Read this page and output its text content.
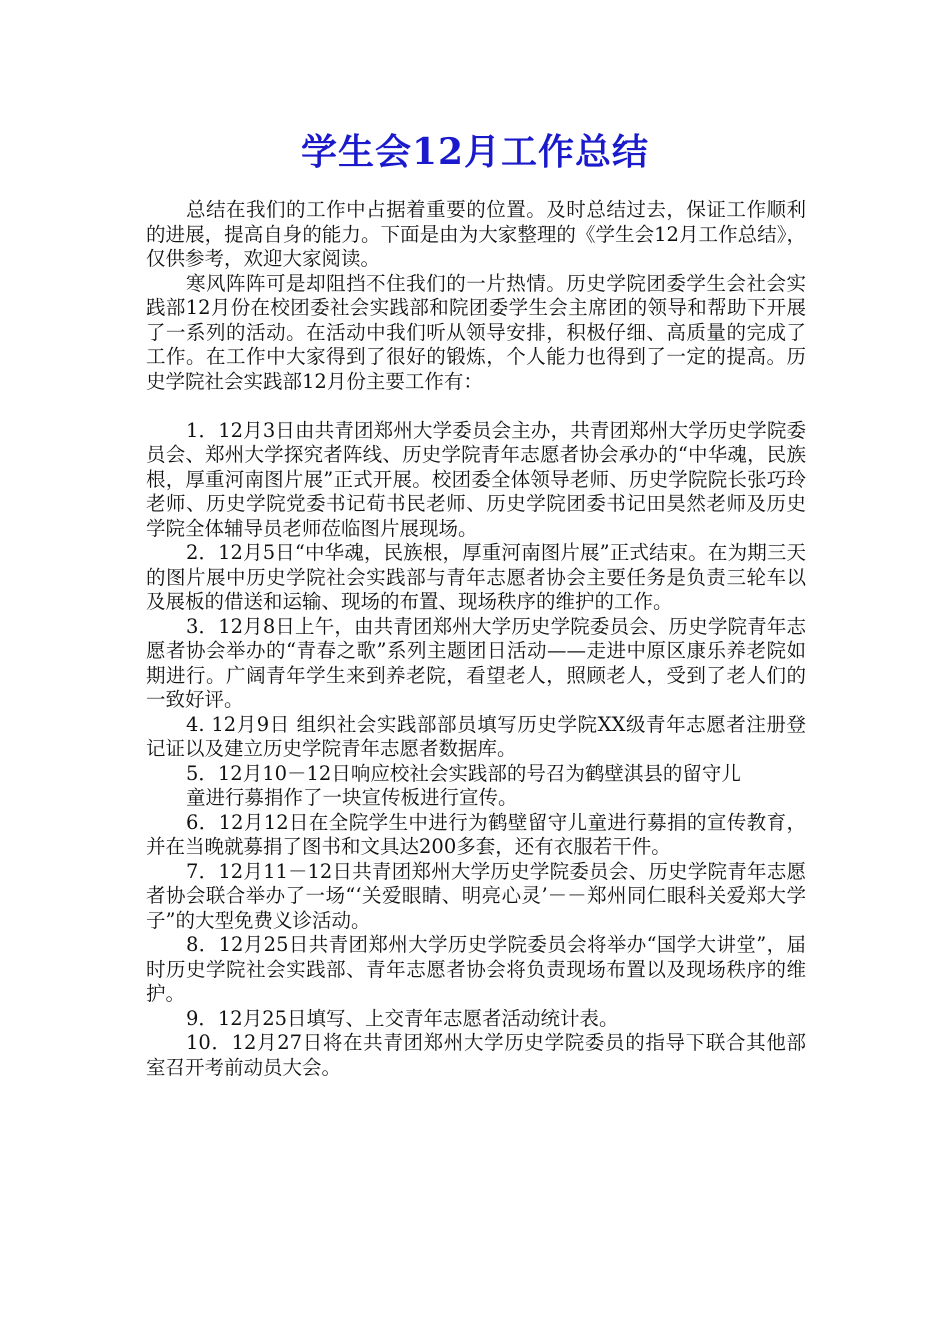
学生会12月工作总结

总结在我们的工作中占据着重要的位置。及时总结过去，保证工作顺利的进展，提高自身的能力。下面是由为大家整理的《学生会12月工作总结》，仅供参考，欢迎大家阅读。

寒风阵阵可是却阻挡不住我们的一片热情。历史学院团委学生会社会实践部12月份在校团委社会实践部和院团委学生会主席团的领导和帮助下开展了一系列的活动。在活动中我们听从领导安排，积极仔细、高质量的完成了工作。在工作中大家得到了很好的锻炼，个人能力也得到了一定的提高。历史学院社会实践部12月份主要工作有：

1．12月3日由共青团郑州大学委员会主办，共青团郑州大学历史学院委员会、郑州大学探究者阵线、历史学院青年志愿者协会承办的“中华魂，民族根，厚重河南图片展”正式开展。校团委全体领导老师、历史学院院长张巧玲老师、历史学院党委书记荀书民老师、历史学院团委书记田昊然老师及历史学院全体辅导员老师莅临图片展现场。

2．12月5日“中华魂，民族根，厚重河南图片展”正式结束。在为期三天的图片展中历史学院社会实践部与青年志愿者协会主要任务是负责三轮车以及展板的借送和运输、现场的布置、现场秩序的维护的工作。

3．12月8日上午，由共青团郑州大学历史学院委员会、历史学院青年志愿者协会举办的“青春之歌”系列主题团日活动——走进中原区康乐养老院如期进行。广阔青年学生来到养老院，看望老人，照顾老人，受到了老人们的一致好评。

4. 12月9日 组织社会实践部部员填写历史学院XX级青年志愿者注册登记证以及建立历史学院青年志愿者数据库。

5．12月10－12日响应校社会实践部的号召为鹤壁淇县的留守儿

童进行募捐作了一块宣传板进行宣传。

6．12月12日在全院学生中进行为鹤壁留守儿童进行募捐的宣传教育，并在当晚就募捐了图书和文具达200多套，还有衣服若干件。

7．12月11－12日共青团郑州大学历史学院委员会、历史学院青年志愿者协会联合举办了一场“‘关爱眼睛、明亮心灵’－－郑州同仁眼科关爱郑大学子”的大型免费义诊活动。

8．12月25日共青团郑州大学历史学院委员会将举办“国学大讲堂”，届时历史学院社会实践部、青年志愿者协会将负责现场布置以及现场秩序的维护。

9．12月25日填写、上交青年志愿者活动统计表。

10．12月27日将在共青团郑州大学历史学院委员的指导下联合其他部室召开考前动员大会。
